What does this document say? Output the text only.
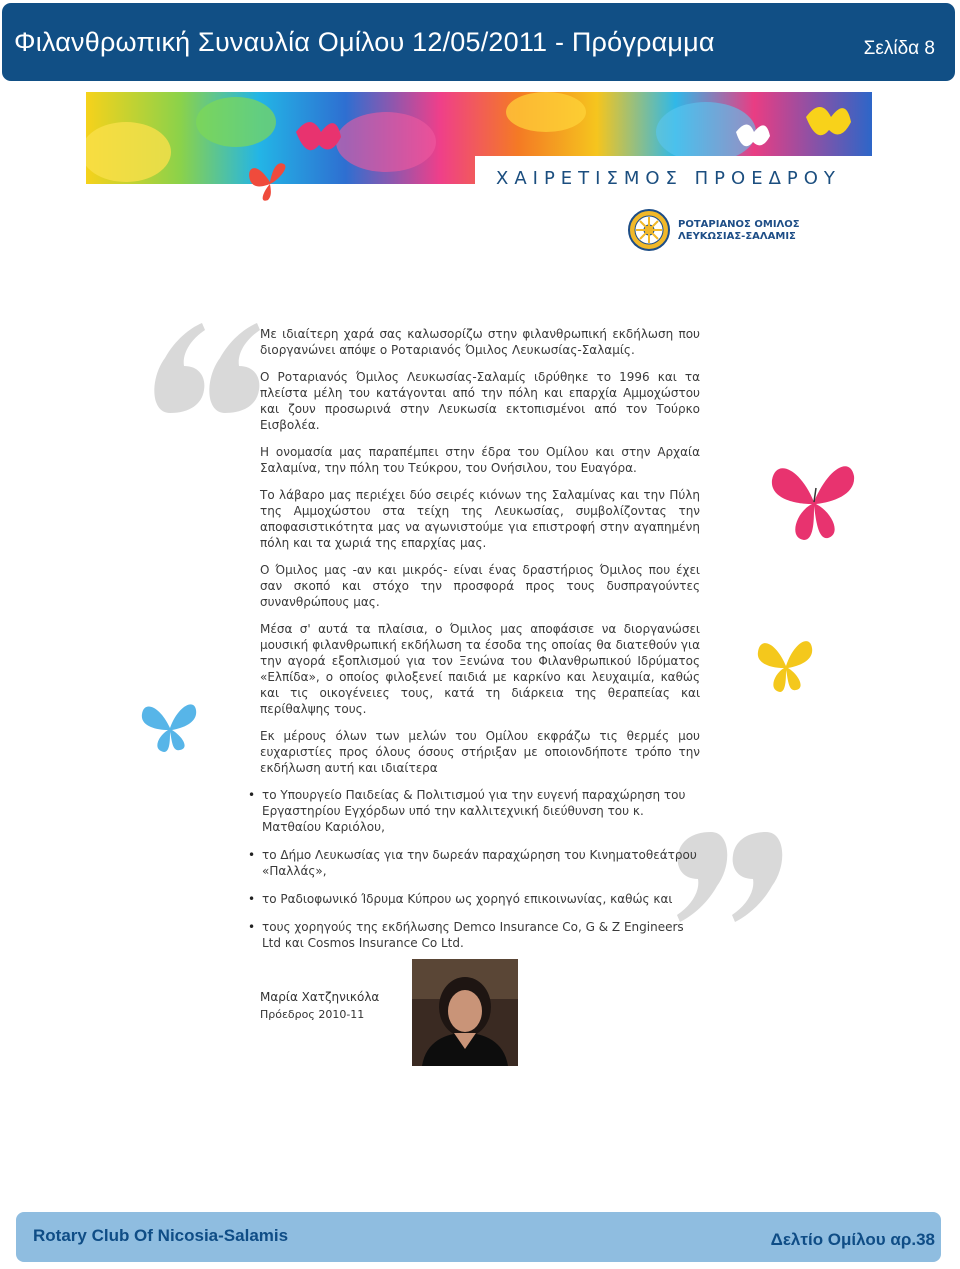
Φιλανθρωπική Συναυλία Ομίλου 12/05/2011 - Πρόγραμμα	Σελίδα 8
ΧΑΙΡΕΤΙΣΜΟΣ ΠΡΟΕΔΡΟΥ
ΡΟΤΑΡΙΑΝΟΣ ΟΜΙΛΟΣ
ΛΕΥΚΩΣΙΑΣ-ΣΑΛΑΜΙΣ

Με ιδιαίτερη χαρά σας καλωσορίζω στην φιλανθρωπική εκδήλωση που διοργανώνει απόψε ο Ροταριανός Όμιλος Λευκωσίας-Σαλαμίς.

Ο Ροταριανός Όμιλος Λευκωσίας-Σαλαμίς ιδρύθηκε το 1996 και τα πλείστα μέλη του κατάγονται από την πόλη και επαρχία Αμμοχώστου και ζουν προσωρινά στην Λευκωσία εκτοπισμένοι από τον Τούρκο Εισβολέα.

Η ονομασία μας παραπέμπει στην έδρα του Ομίλου και στην Αρχαία Σαλαμίνα, την πόλη του Τεύκρου, του Ονήσιλου, του Ευαγόρα.

Το λάβαρο μας περιέχει δύο σειρές κιόνων της Σαλαμίνας και την Πύλη της Αμμοχώστου στα τείχη της Λευκωσίας, συμβολίζοντας την αποφασιστικότητα μας να αγωνιστούμε για επιστροφή στην αγαπημένη πόλη και τα χωριά της επαρχίας μας.

Ο Όμιλος μας -αν και μικρός- είναι ένας δραστήριος Όμιλος που έχει σαν σκοπό και στόχο την προσφορά προς τους δυσπραγούντες συνανθρώπους μας.

Μέσα σ' αυτά τα πλαίσια, ο Όμιλος μας αποφάσισε να διοργανώσει μουσική φιλανθρωπική εκδήλωση τα έσοδα της οποίας θα διατεθούν για την αγορά εξοπλισμού για τον Ξενώνα του Φιλανθρωπικού Ιδρύματος «Ελπίδα», ο οποίος φιλοξενεί παιδιά με καρκίνο και λευχαιμία, καθώς και τις οικογένειες τους, κατά τη διάρκεια της θεραπείας και περίθαλψης τους.

Εκ μέρους όλων των μελών του Ομίλου εκφράζω τις θερμές μου ευχαριστίες προς όλους όσους στήριξαν με οποιονδήποτε τρόπο την εκδήλωση αυτή και ιδιαίτερα

• το Υπουργείο Παιδείας & Πολιτισμού για την ευγενή παραχώρηση του Εργαστηρίου Εγχόρδων υπό την καλλιτεχνική διεύθυνση του κ. Ματθαίου Καριόλου,
• το Δήμο Λευκωσίας για την δωρεάν παραχώρηση του Κινηματοθεάτρου «Παλλάς»,
• το Ραδιοφωνικό Ίδρυμα Κύπρου ως χορηγό επικοινωνίας, καθώς και
• τους χορηγούς της εκδήλωσης Demco Insurance Co, G & Z Engineers Ltd και Cosmos Insurance Co Ltd.
Μαρία Χατζηνικόλα
Πρόεδρος 2010-11
Rotary Club Of Nicosia-Salamis	Δελτίο Ομίλου αρ.38
